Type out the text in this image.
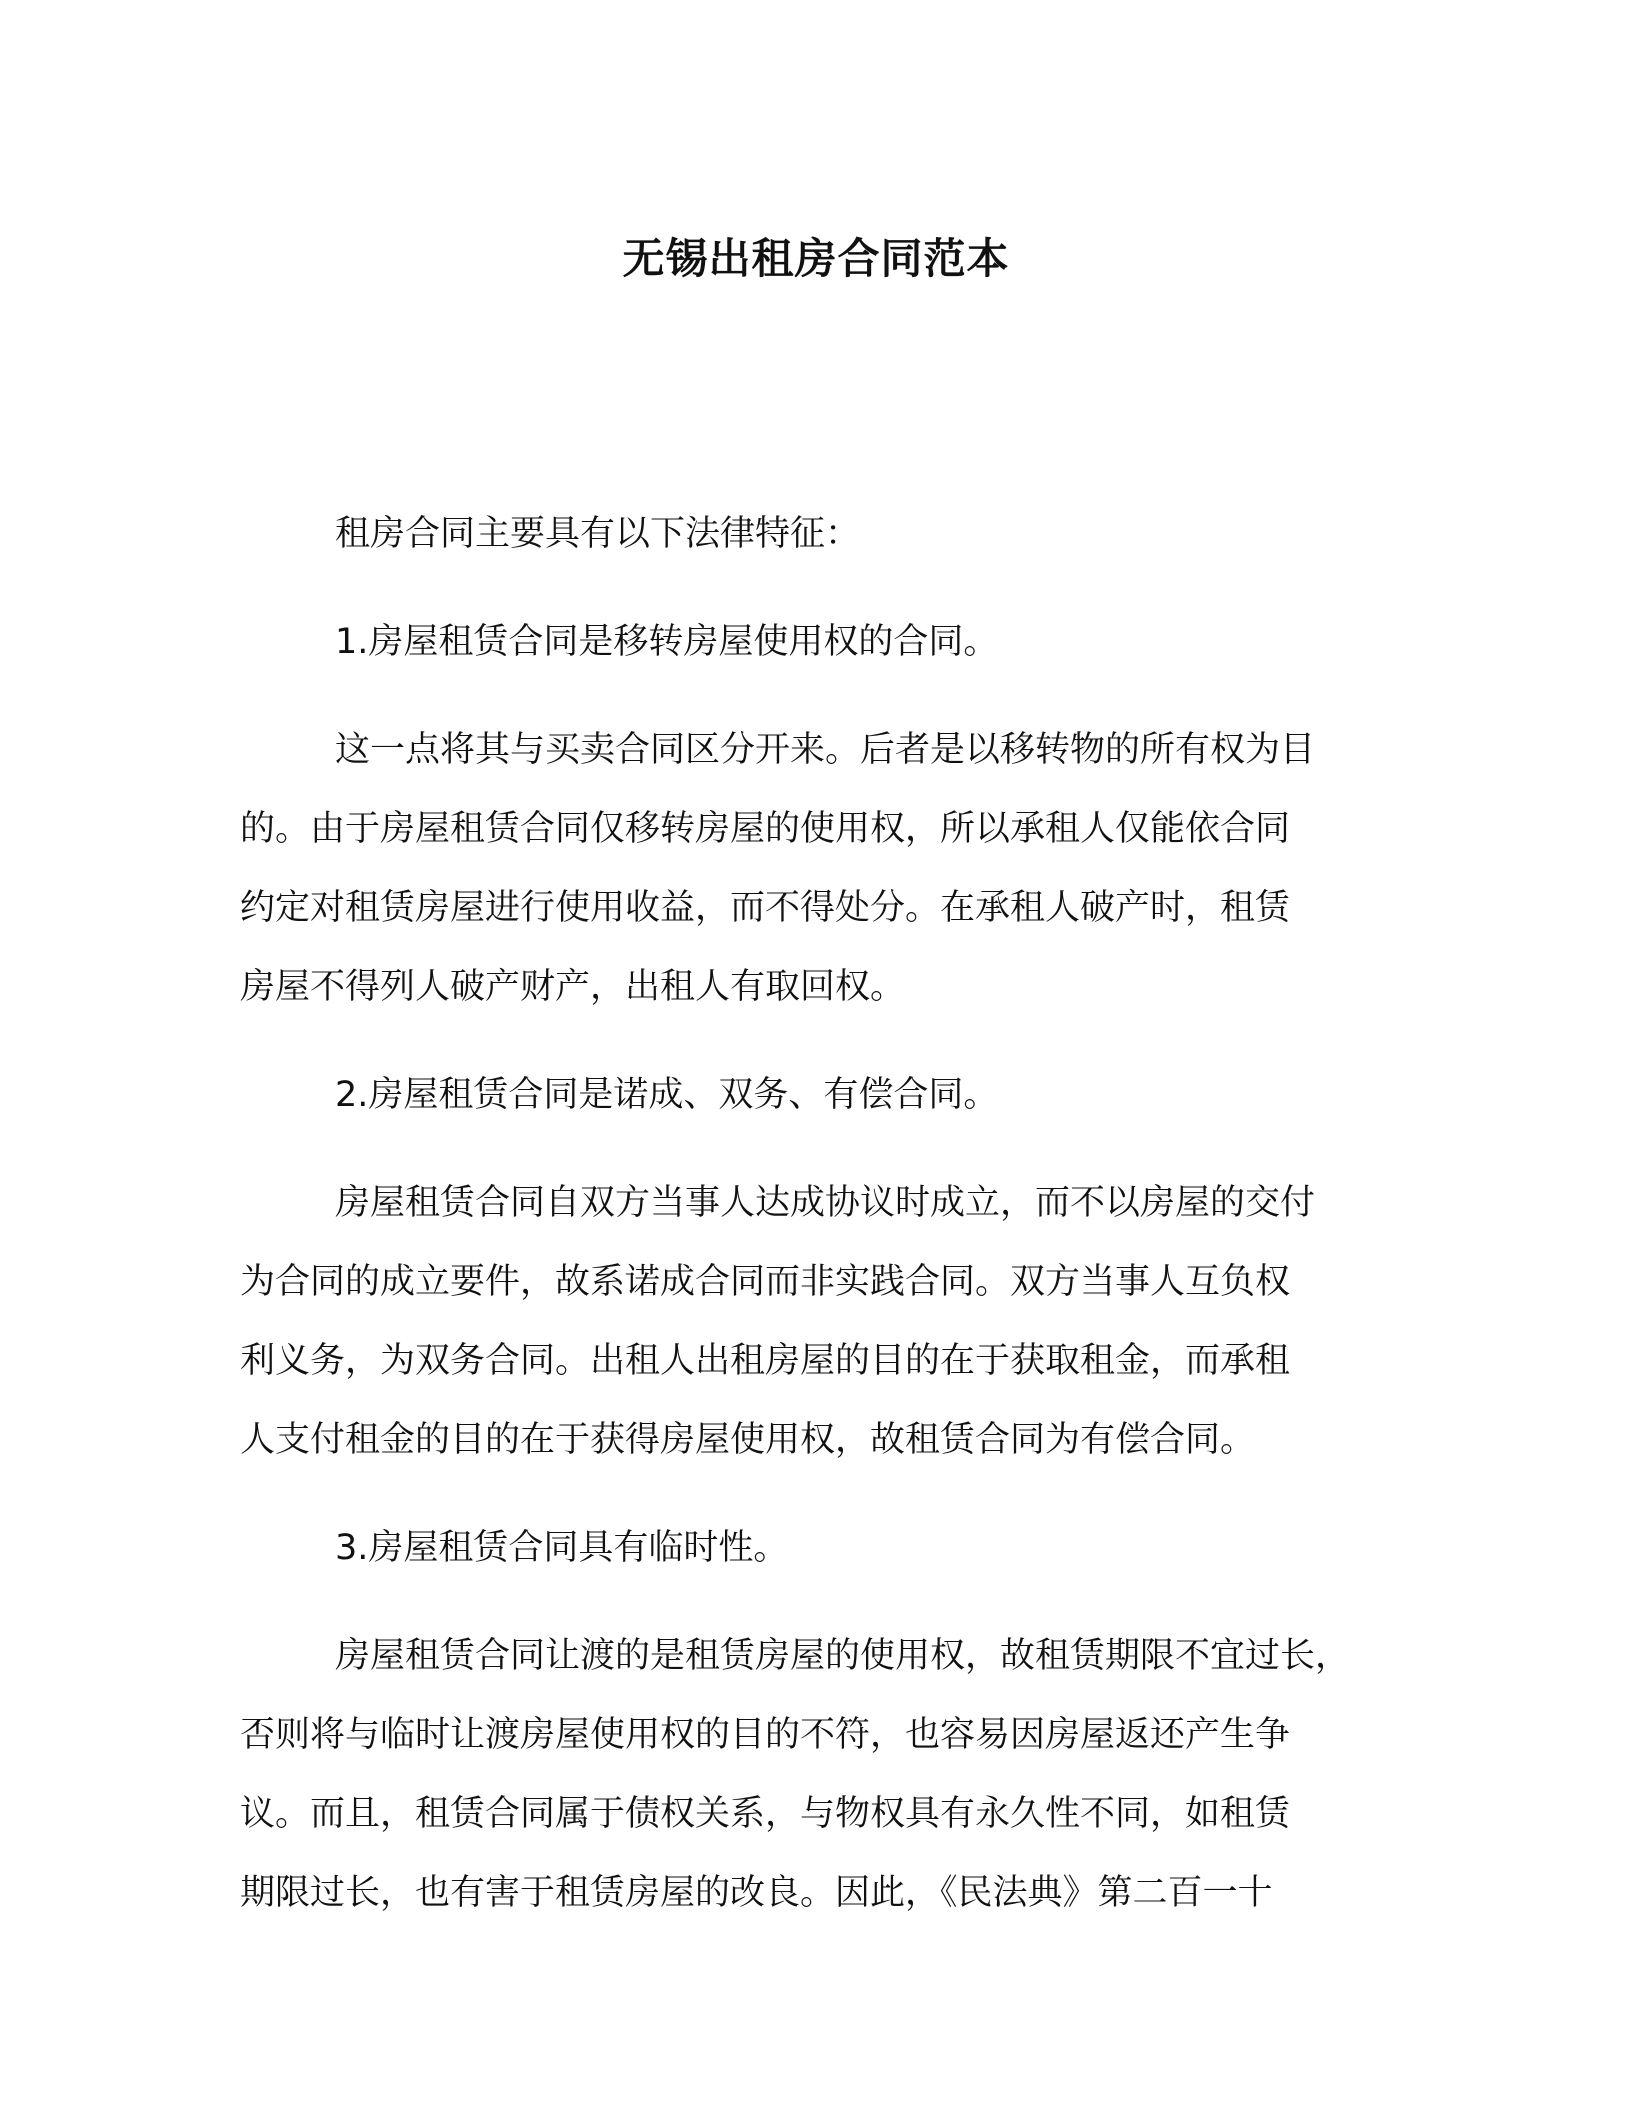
无锡出租房合同范本

租房合同主要具有以下法律特征：

1.房屋租赁合同是移转房屋使用权的合同。

这一点将其与买卖合同区分开来。后者是以移转物的所有权为目
的。由于房屋租赁合同仅移转房屋的使用权，所以承租人仅能依合同
约定对租赁房屋进行使用收益，而不得处分。在承租人破产时，租赁
房屋不得列人破产财产，出租人有取回权。

2.房屋租赁合同是诺成、双务、有偿合同。

房屋租赁合同自双方当事人达成协议时成立，而不以房屋的交付
为合同的成立要件，故系诺成合同而非实践合同。双方当事人互负权
利义务，为双务合同。出租人出租房屋的目的在于获取租金，而承租
人支付租金的目的在于获得房屋使用权，故租赁合同为有偿合同。

3.房屋租赁合同具有临时性。

房屋租赁合同让渡的是租赁房屋的使用权，故租赁期限不宜过长，
否则将与临时让渡房屋使用权的目的不符，也容易因房屋返还产生争
议。而且，租赁合同属于债权关系，与物权具有永久性不同，如租赁
期限过长，也有害于租赁房屋的改良。因此，《民法典》第二百一十
